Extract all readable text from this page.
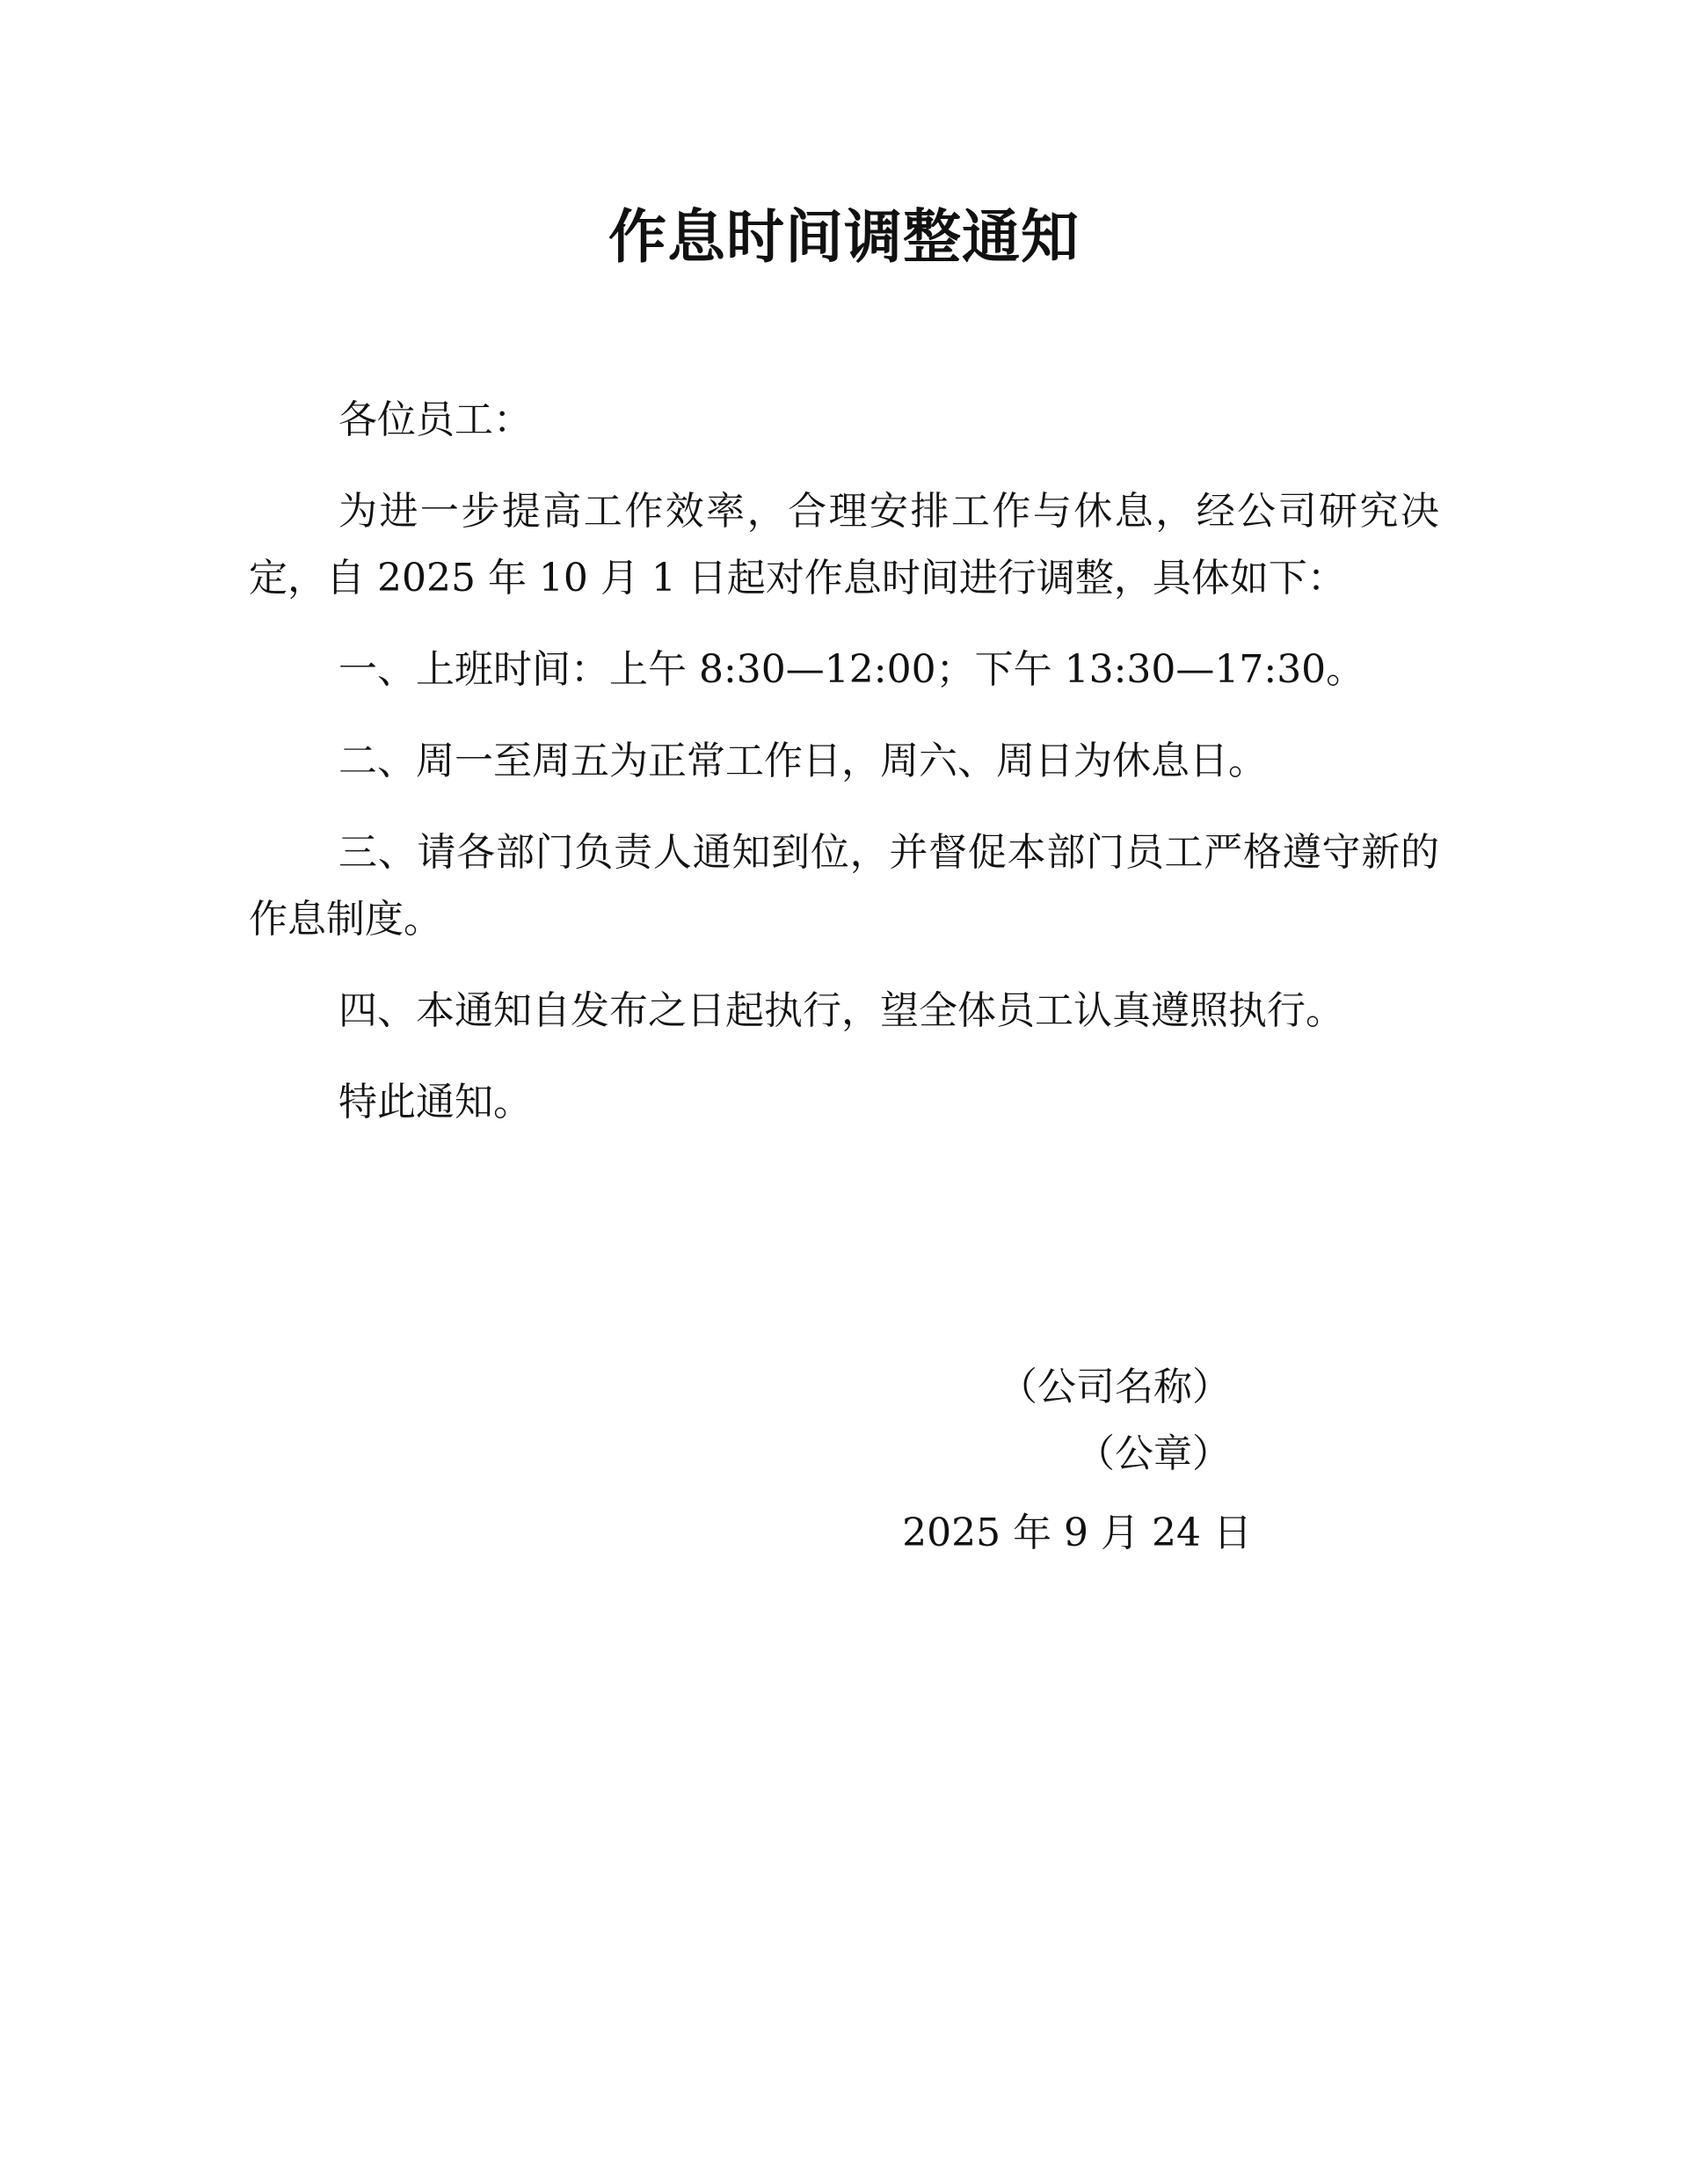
作息时间调整通知

各位员工：

为进一步提高工作效率，合理安排工作与休息，经公司研究决定，自 2025 年 10 月 1 日起对作息时间进行调整，具体如下：

一、上班时间：上午 8:30—12:00；下午 13:30—17:30。

二、周一至周五为正常工作日，周六、周日为休息日。

三、请各部门负责人通知到位，并督促本部门员工严格遵守新的作息制度。

四、本通知自发布之日起执行，望全体员工认真遵照执行。

特此通知。

（公司名称）
（公章）
2025 年 9 月 24 日
